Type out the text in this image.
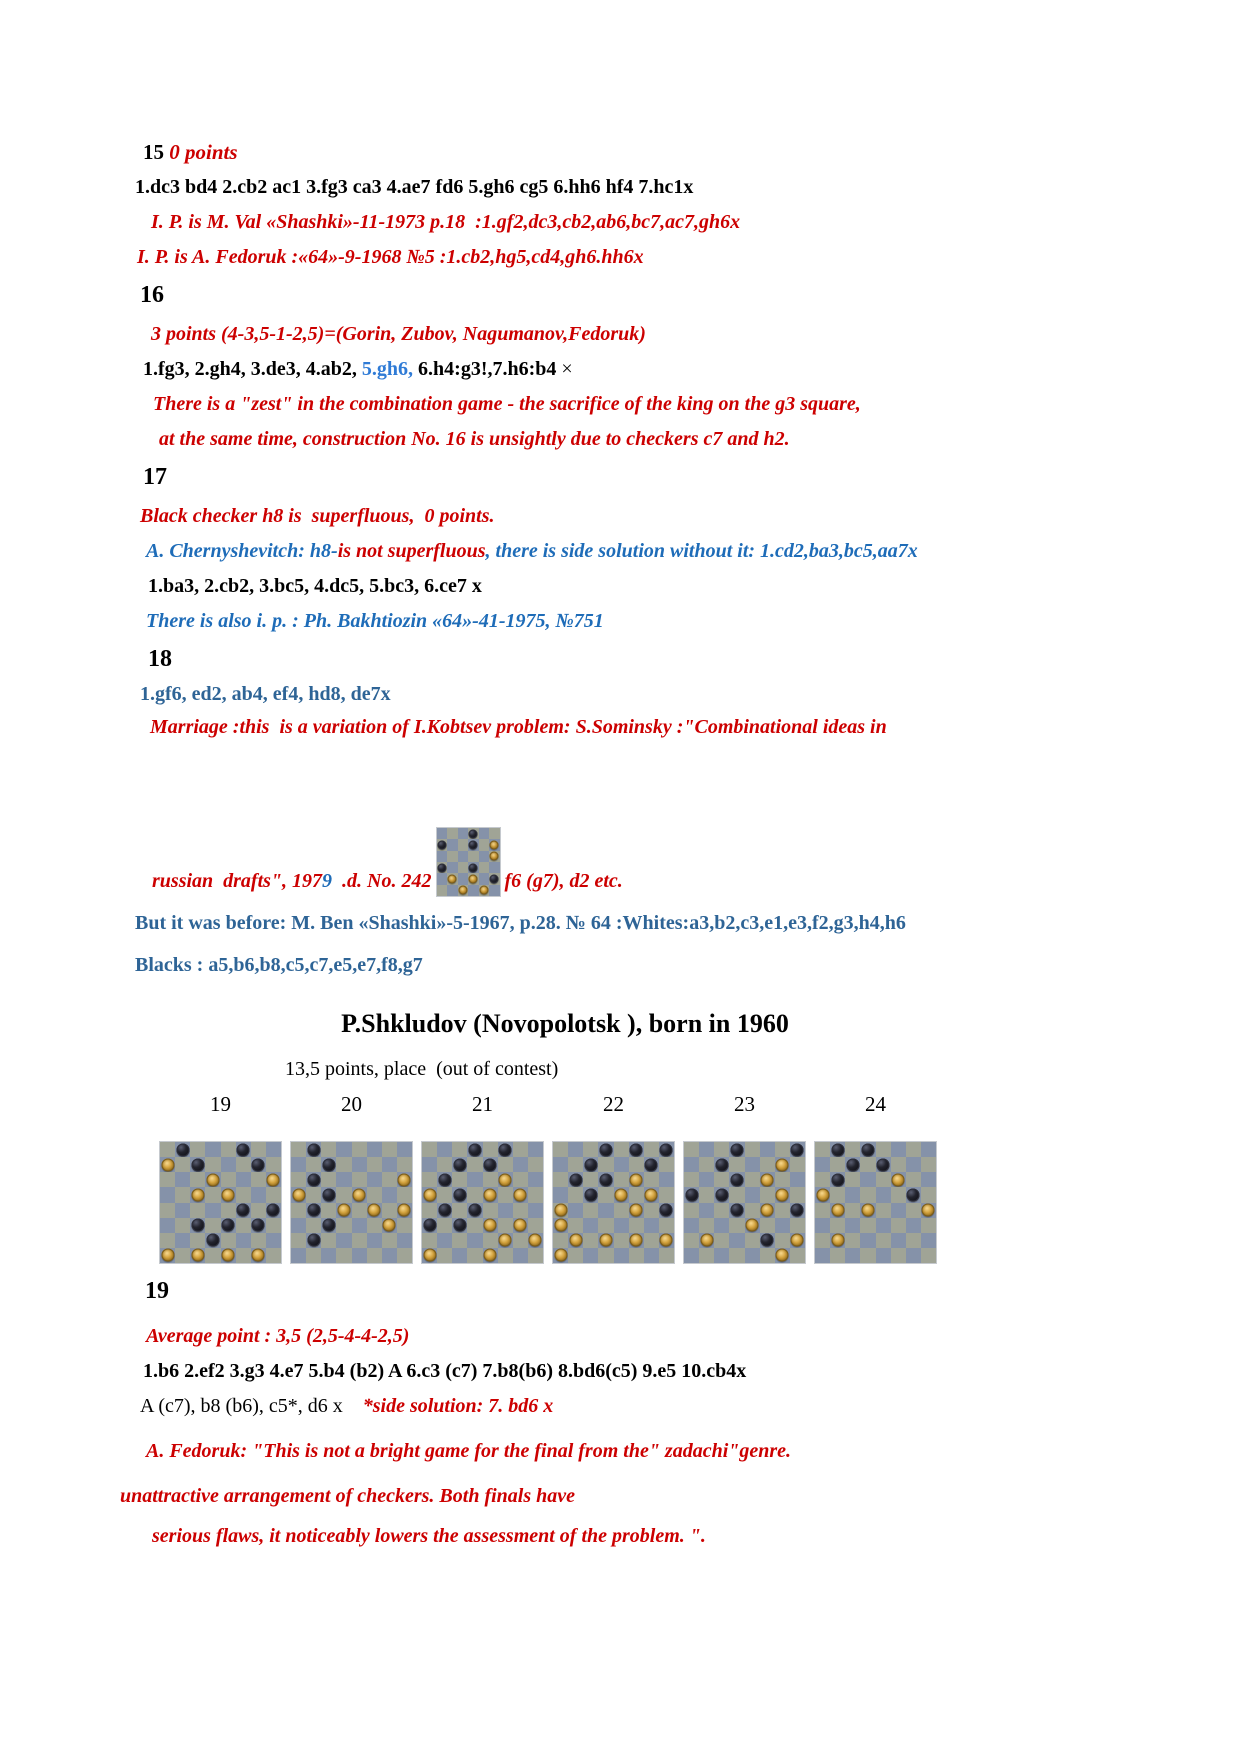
15 0 points
1.dc3 bd4 2.cb2 ac1 3.fg3 ca3 4.ae7 fd6 5.gh6 cg5 6.hh6 hf4 7.hc1x
I. P. is M. Val «Shashki»-11-1973 p.18  :1.gf2,dc3,cb2,ab6,bc7,ac7,gh6x
I. P. is A. Fedoruk :«64»-9-1968 №5 :1.cb2,hg5,cd4,gh6.hh6x
16
3 points (4-3,5-1-2,5)=(Gorin, Zubov, Nagumanov,Fedoruk)
1.fg3, 2.gh4, 3.de3, 4.ab2, 5.gh6, 6.h4:g3!,7.h6:b4 ×
There is a "zest" in the combination game - the sacrifice of the king on the g3 square,
at the same time, construction No. 16 is unsightly due to checkers c7 and h2.
17
Black checker h8 is  superfluous,  0 points.
A. Chernyshevitch: h8-is not superfluous, there is side solution without it: 1.cd2,ba3,bc5,aa7x
1.ba3, 2.cb2, 3.bc5, 4.dc5, 5.bc3, 6.ce7 x
There is also i. p. : Ph. Bakhtiozin «64»-41-1975, №751
18
1.gf6, ed2, ab4, ef4, hd8, de7x
Marriage :this  is a variation of I.Kobtsev problem: S.Sominsky :"Combinational ideas in
russian  drafts", 197 9 .d. No. 242	f6 (g7), d2 etc.
But it was before: M. Ben «Shashki»-5-1967, p.28. № 64 :Whites:a3,b2,c3,e1,e3,f2,g3,h4,h6
Blacks : a5,b6,b8,c5,c7,e5,e7,f8,g7
P.Shkludov (Novopolotsk ), born in 1960
13,5 points, place  (out of contest)
19	20	21	22	23	24
19
Average point : 3,5 (2,5-4-4-2,5)
1.b6 2.ef2 3.g3 4.e7 5.b4 (b2) A 6.c3 (c7) 7.b8(b6) 8.bd6(c5) 9.e5 10.cb4x
A (c7), b8 (b6), c5*, d6 x    *side solution: 7. bd6 x
A. Fedoruk: "This is not a bright game for the final from the" zadachi"genre.
unattractive arrangement of checkers. Both finals have
serious flaws, it noticeably lowers the assessment of the problem. ".
